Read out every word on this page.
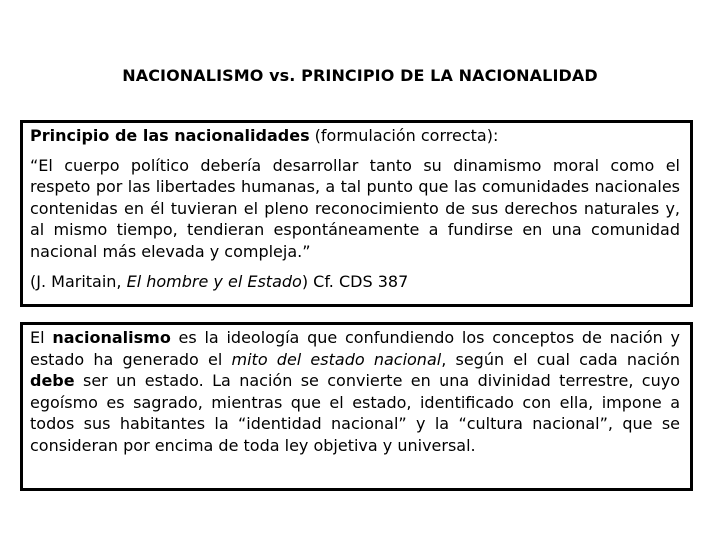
NACIONALISMO vs. PRINCIPIO DE LA NACIONALIDAD

Principio de las nacionalidades (formulación correcta):

“El cuerpo político debería desarrollar tanto su dinamismo moral como el respeto por las libertades humanas, a tal punto que las comunidades nacionales contenidas en él tuvieran el pleno reconocimiento de sus derechos naturales y, al mismo tiempo, tendieran espontáneamente a fundirse en una comunidad nacional más elevada y compleja.”

(J. Maritain, El hombre y el Estado) Cf. CDS 387

El nacionalismo es la ideología que confundiendo los conceptos de nación y estado ha generado el mito del estado nacional, según el cual cada nación debe ser un estado. La nación se convierte en una divinidad terrestre, cuyo egoísmo es sagrado, mientras que el estado, identificado con ella, impone a todos sus habitantes la “identidad nacional” y la “cultura nacional”, que se consideran por encima de toda ley objetiva y universal.
